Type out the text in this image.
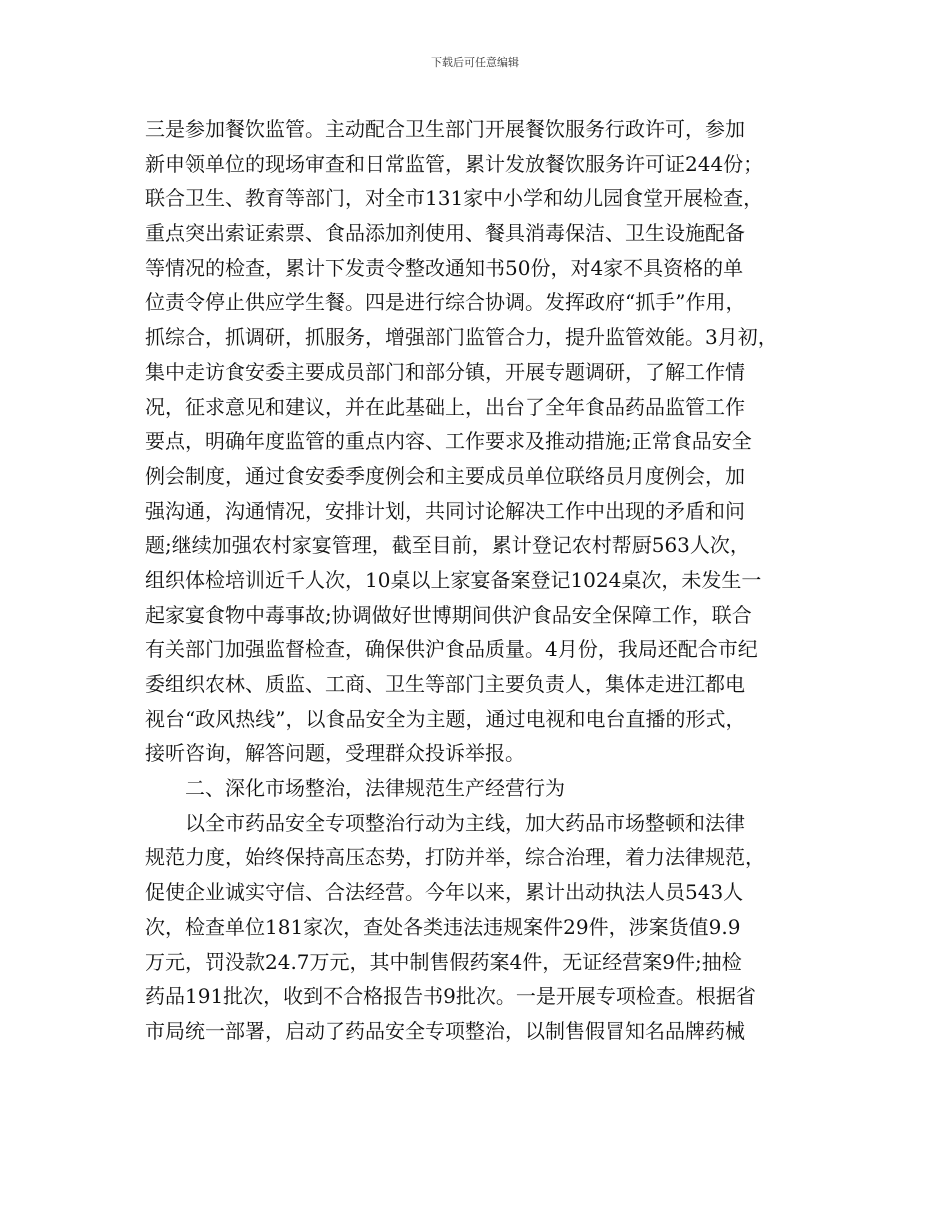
下载后可任意编辑
三是参加餐饮监管。主动配合卫生部门开展餐饮服务行政许可，参加
新申领单位的现场审查和日常监管，累计发放餐饮服务许可证244份；
联合卫生、教育等部门，对全市131家中小学和幼儿园食堂开展检查，
重点突出索证索票、食品添加剂使用、餐具消毒保洁、卫生设施配备
等情况的检查，累计下发责令整改通知书50份，对4家不具资格的单
位责令停止供应学生餐。四是进行综合协调。发挥政府“抓手”作用，
抓综合，抓调研，抓服务，增强部门监管合力，提升监管效能。3月初，
集中走访食安委主要成员部门和部分镇，开展专题调研，了解工作情
况，征求意见和建议，并在此基础上，出台了全年食品药品监管工作
要点，明确年度监管的重点内容、工作要求及推动措施;正常食品安全
例会制度，通过食安委季度例会和主要成员单位联络员月度例会，加
强沟通，沟通情况，安排计划，共同讨论解决工作中出现的矛盾和问
题;继续加强农村家宴管理，截至目前，累计登记农村帮厨563人次，
组织体检培训近千人次，10桌以上家宴备案登记1024桌次，未发生一
起家宴食物中毒事故;协调做好世博期间供沪食品安全保障工作，联合
有关部门加强监督检查，确保供沪食品质量。4月份，我局还配合市纪
委组织农林、质监、工商、卫生等部门主要负责人，集体走进江都电
视台“政风热线”，以食品安全为主题，通过电视和电台直播的形式，
接听咨询，解答问题，受理群众投诉举报。
二、深化市场整治，法律规范生产经营行为
以全市药品安全专项整治行动为主线，加大药品市场整顿和法律
规范力度，始终保持高压态势，打防并举，综合治理，着力法律规范，
促使企业诚实守信、合法经营。今年以来，累计出动执法人员543人
次，检查单位181家次，查处各类违法违规案件29件，涉案货值9.9
万元，罚没款24.7万元，其中制售假药案4件，无证经营案9件;抽检
药品191批次，收到不合格报告书9批次。一是开展专项检查。根据省
市局统一部署，启动了药品安全专项整治，以制售假冒知名品牌药械
